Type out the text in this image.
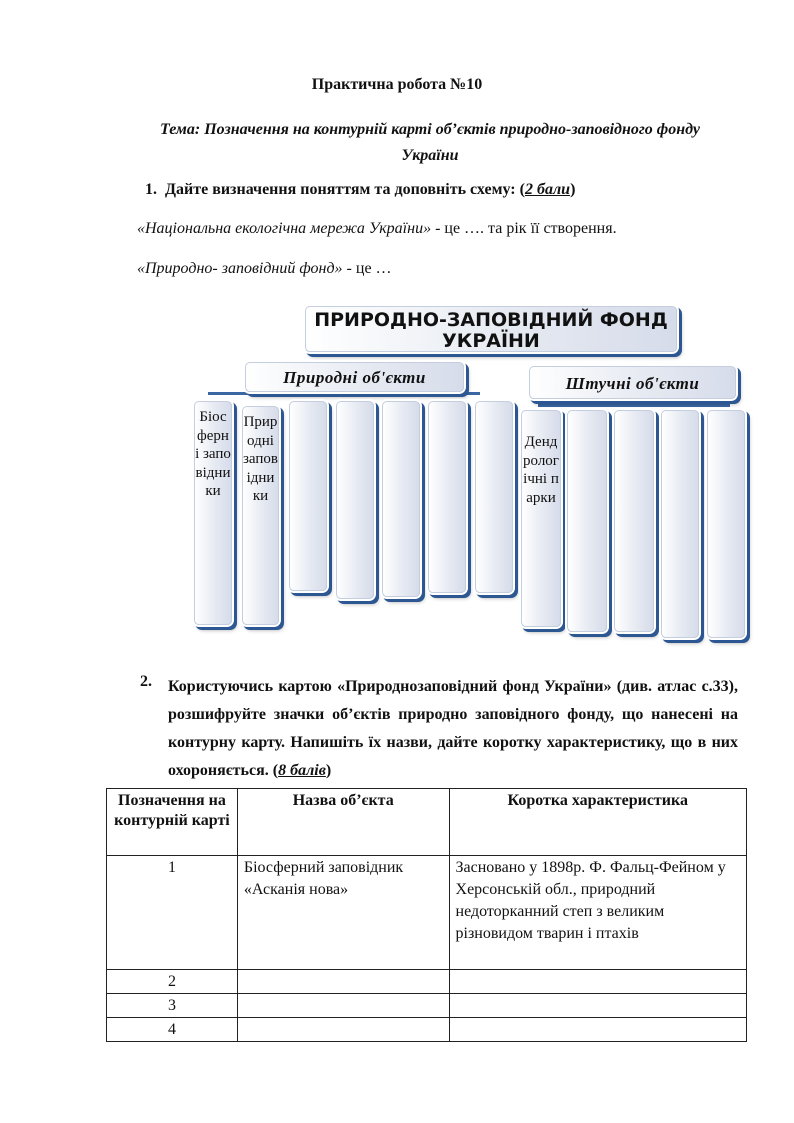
Практична робота №10
Тема: Позначення на контурній карті об’єктів природно-заповідного фонду України
1. Дайте визначення поняттям та доповніть схему: (2 бали)
«Національна екологічна мережа України» - це …. та рік її створення.
«Природно- заповідний фонд» - це …
ПРИРОДНО-ЗАПОВІДНИЙ ФОНД УКРАЇНИ
Природні об'єкти	Штучні об'єкти
Біосферні заповідники
Природні заповідники
Дендрологічні парки
2. Користуючись картою «Природнозаповідний фонд України» (див. атлас с.33), розшифруйте значки об’єктів природно заповідного фонду, що нанесені на контурну карту. Напишіть їх назви, дайте коротку характеристику, що в них охороняється. (8 балів)
Позначення на контурній карті	Назва об’єкта	Коротка характеристика
1	Біосферний заповідник «Асканія нова»	Засновано у 1898р. Ф. Фальц-Фейном у Херсонській обл., природний недоторканний степ з великим різновидом тварин і птахів
2		
3		
4		
